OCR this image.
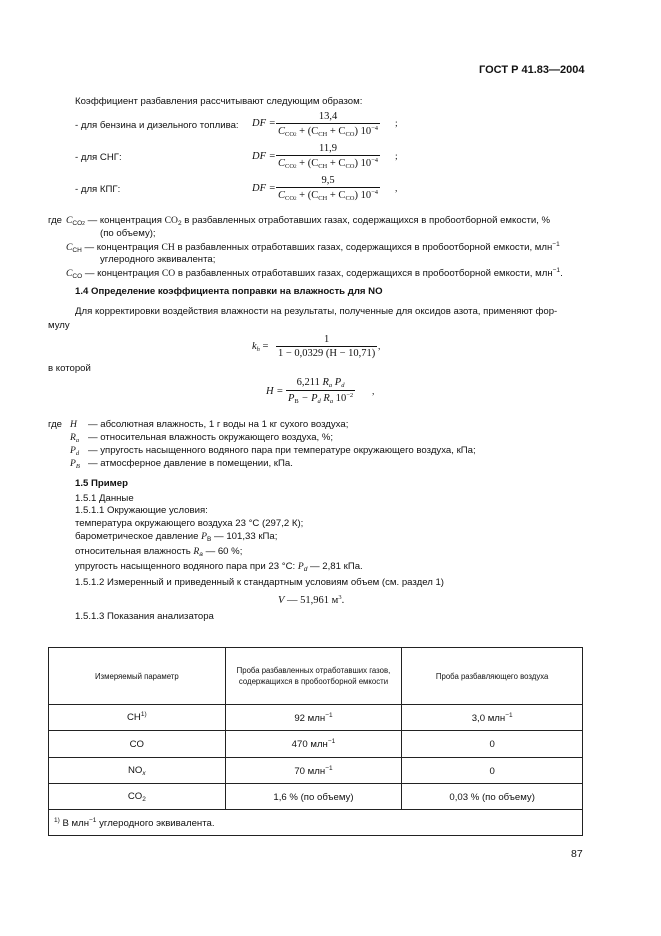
ГОСТ Р 41.83—2004
Коэффициент разбавления рассчитывают следующим образом:
- для бензина и дизельного топлива: DF =
13,4
$C_{CO2} + (C_{CH} + C_{CO})$ $10^{-4}$ ;
- для СНГ:	DF =
11,9
$C_{CO2} + (C_{CH} + C_{CO})$ $10^{-4}$ ;
- для КПГ:	DF =
9,5
$C_{CO2} + (C_{CH} + C_{CO})$ $10^{-4}$ ,
где $C_{CO2}$ — концентрация $CO_2$ в разбавленных отработавших газах, содержащихся в пробоотборной емкости, %
(по объему);
$C_{CH}$ — концентрация CH в разбавленных отработавших газах, содержащихся в пробоотборной емкости, млн$^{-1}$
углеродного эквивалента;
$C_{CO}$ — концентрация CO в разбавленных отработавших газах, содержащихся в пробоотборной емкости, млн$^{-1}$.
1.4 Определение коэффициента поправки на влажность для NO
Для корректировки воздействия влажности на результаты, полученные для оксидов азота, применяют фор-
мулу
$k_h = \frac{1}{1 - 0,0329 (H - 10,71)}$ ,
в которой
$H = \frac{6,211 R_a P_d}{P_B - P_d R_a 10^{-2}}$ ,
где H — абсолютная влажность, 1 г воды на 1 кг сухого воздуха;
$R_a$ — относительная влажность окружающего воздуха, %;
$P_d$ — упругость насыщенного водяного пара при температуре окружающего воздуха, кПа;
$P_B$ — атмосферное давление в помещении, кПа.
1.5 Пример
1.5.1 Данные
1.5.1.1 Окружающие условия:
температура окружающего воздуха 23 °С (297,2 К);
барометрическое давление $P_B$ — 101,33 кПа;
относительная влажность $R_a$ — 60 %;
упругость насыщенного водяного пара при 23 °С: $P_d$ — 2,81 кПа.
1.5.1.2 Измеренный и приведенный к стандартным условиям объем (см. раздел 1)
V — 51,961 $м^3$.
1.5.1.3 Показания анализатора
Измеряемый параметр	Проба разбавленных отработавших газов, содержащихся в пробоотборной емкости	Проба разбавляющего воздуха
CH$^{1)}$	92 млн$^{-1}$	3,0 млн$^{-1}$
CO	470 млн$^{-1}$	0
$NO_x$	70 млн$^{-1}$	0
$CO_2$	1,6 % (по объему)	0,03 % (по объему)
$^{1)}$ В млн$^{-1}$ углеродного эквивалента.		
87
